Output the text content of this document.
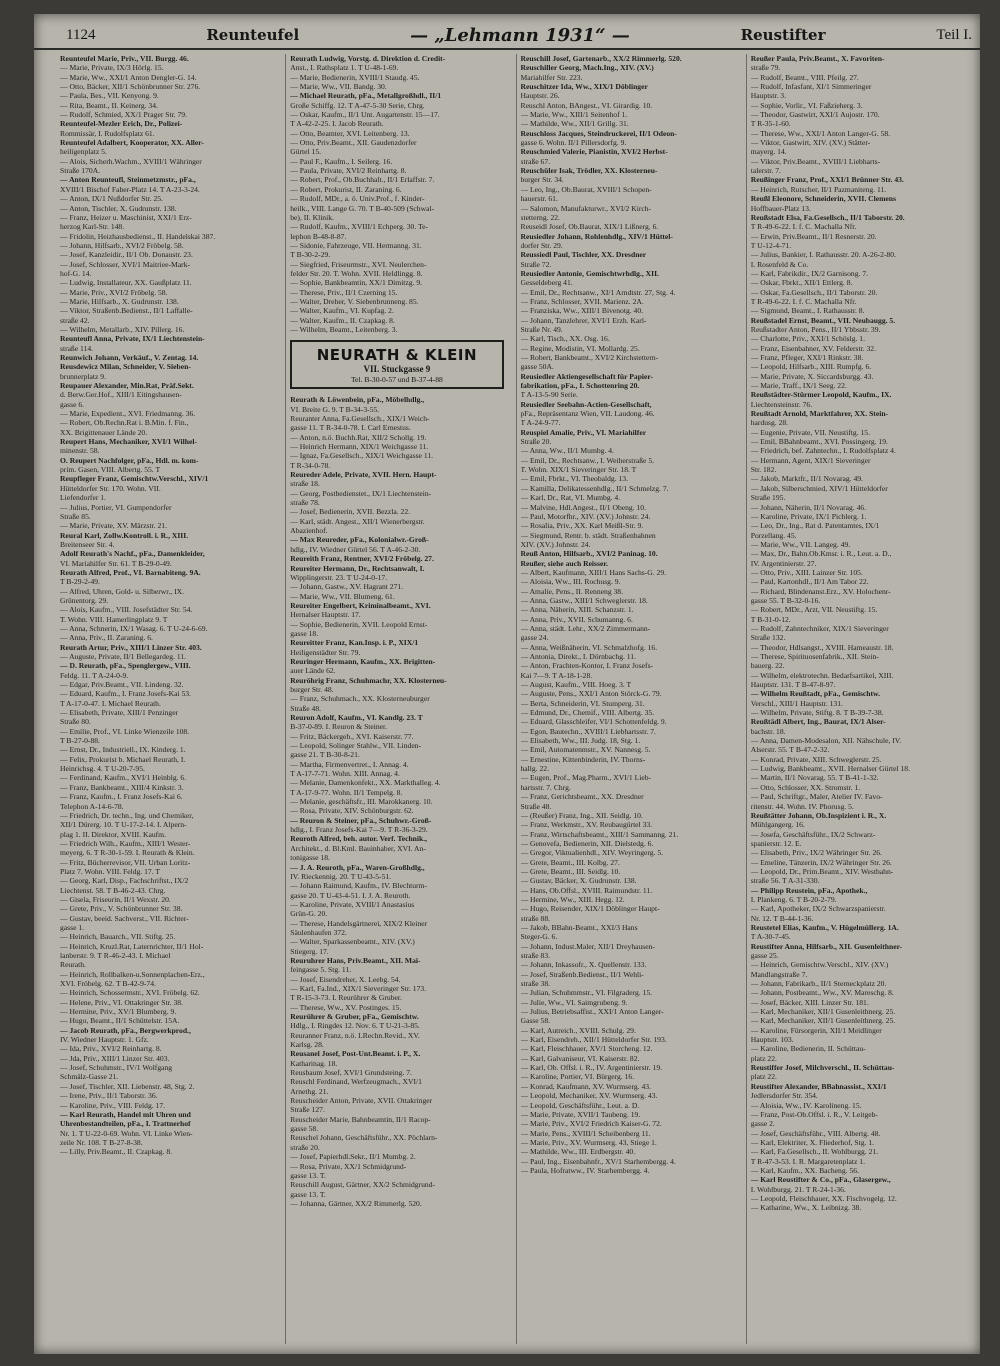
1124	Reunteufel	— „Lehmann 1931“ —	Reustifter	Teil I.
Reunteufel Marie, Priv., VII. Burgg. 46.
— Marie, Private, IX/3 Hörlg. 15.
— Marie, Ww., XXI/1 Anton Dengler-G. 14.
— Otto, Bäcker, XII/1 Schönbrunner Str. 276.
— Paula, Bes., VII. Kenyong. 9.
— Rita, Beamt., II. Keinerg. 34.
— Rudolf, Schmied, XX/1 Prager Str. 79.
Reunteufel-Mezler Erich, Dr., Polizei-
Rommissär, I. Rudolfsplatz 61.
Reunteufel Adalbert, Kooperator, XX. Aller-
heiligenplatz 5.
— Alois, Sicherh.Wachm., XVIII/1 Währinger
Straße 170A.
— Anton Reunteufl, Steinmetzmstr., pFa.,
XVIII/1 Bischof Faber-Platz 14. T A-23-3-24.
— Anton, IX/1 Nußdorfer Str. 25.
— Anton, Tischler, X. Gudrunstr. 138.
— Franz, Heizer u. Maschinist, XXI/1 Erz-
herzog Karl-Str. 148.
— Fridolin, Heizhausbedienst., II. Handelskai 387.
— Johann, Hilfsarb., XVI/2 Fröbelg. 58.
— Josef, Kanzleidir., II/1 Ob. Donaustr. 23.
— Josef, Schlosser, XVI/1 Maitriee-Mark-
hof-G. 14.
— Ludwig, Installateur, XX. Gaußplatz 11.
— Marie, Priv., XVI/2 Fröbelg. 58.
— Marie, Hilfsarb., X. Gudrunstr. 138.
— Viktor, Straßenb.Bedienst., II/1 Laffalle-
straße 42.
— Wilhelm, Metallarb., XIV. Pillerg. 16.
Reunteufl Anna, Private, IX/1 Liechtenstein-
straße 114.
Reunwich Johann, Verkäuf., V. Zentag. 14.
Reusdewicz Milan, Schneider, V. Sieben-
brunnerplatz 9.
Reupauer Alexander, Min.Rat, Präf.Sekt.
d. Berw.Ger.Hof., XIII/1 Eitingshausen-
gasse 6.
— Marie, Expedient., XVI. Friedmanng. 36.
— Robert, Ob.Rechn.Rat i. B.Min. f. Fin.,
XX. Brigittenauer Lände 20.
Reupert Hans, Mechaniker, XVI/1 Wilhel-
minenstr. 58.
O. Reupert Nachfolger, pFa., Hdl. m. kom-
prim. Gasen, VIII. Albertg. 55. T
Reupfleger Franz, Gemischtw.Verschl., XIV/1
Hütteldorfer Str. 170. Wohn. VII.
Liefendorfer 1.
— Julius, Portier, VI. Gumpendorfer
Straße 85.
— Marie, Private, XV. Märzstr. 21.
Reural Karl, Zollw.Kontroll. i. R., XIII.
Breitenseer Str. 4.
Adolf Reurath's Nachf., pFa., Damenkleider,
VI. Mariahilfer Str. 61. T B-29-0-49.
Reurath Alfred, Prof., VI. Barnabiteng. 9A.
T B-29-2-49.
— Alfred, Uhren, Gold- u. Silberwr., IX.
Grünentorg. 29.
— Alois, Kaufm., VIII. Josefstädter Str. 54.
T. Wohn. VIII. Hamerlingplatz 9. T
— Anna, Schnerin, IX/1 Wasag. 6. T U-24-6-69.
— Anna, Priv., II. Zaraning. 6.
Reurath Artur, Priv., XIII/1 Linzer Str. 403.
— Auguste, Private, II/1 Bellegardeg. 11.
— D. Reurath, pFa., Spenglergew., VIII.
Feldg. 11. T A-24-0-9.
— Edgar, Priv.Beamt., VII. Lindeng. 32.
— Eduard, Kaufm., I. Franz Josefs-Kai 53.
T A-17-0-47. I. Michael Reurath.
— Elisabeth, Private, XIII/1 Penzinger
Straße 80.
— Emilie, Prof., VI. Linke Wienzeile 108.
T B-27-0-88.
— Ernst, Dr., Industriell., IX. Kinderg. 1.
— Felix, Prokurist b. Michael Reurath, I.
Heinrichsg. 4. T U-20-7-95.
— Ferdinand, Kaufm., XVI/1 Heinblg. 6.
— Franz, Bankbeamt., XIII/4 Kinkstr. 3.
— Franz, Kaufm., I. Franz Josefs-Kai 6.
Telephon A-14-6-78.
— Friedrich, Dr. techn., Ing. und Chemiker,
XII/1 Dürerg. 10. T U-17-2-14. I. Alpern-
plag 1. II. Direktor, XVIII. Kaufm.
— Friedrich Wilh., Kaufm., XIII/1 Wester-
meyerg. 6. T R-30-1-59. I. Reurath & Klein.
— Fritz, Bücherrevisor, VII. Urban Loritz-
Platz 7. Wohn. VIII. Feldg. 17. T
— Georg, Karl, Disp., Fachschriftst., IX/2
Liechtenst. 58. T B-46-2-43. Chrg.
— Gisela, Friseurin, II/1 Wexstr. 20.
— Grete, Priv., V. Schönbrunner Str. 38.
— Gustav, beeid. Sachverst., VII. Richter-
gasse 1.
— Heinrich, Bauarch., VII. Stiftg. 25.
— Heinrich, Kruzl.Rat, Laternrichter, II/1 Hol-
lanberstr. 9. T R-46-2-43. I. Michael
Reurath.
— Heinrich, Rollbalken-u.Sonnenplachen-Erz.,
XVI. Fröbelg. 62. T B-42-9-74.
— Heinrich, Schossermstr., XVI. Fröbelg. 62.
— Helene, Priv., VI. Ottakringer Str. 38.
— Hermine, Priv., XV/1 Blumberg. 9.
— Hugo, Beamt., II/1 Schüttelstr. 15A.
— Jacob Reurath, pFa., Bergwerkprod.,
IV. Wiedner Hauptstr. 1. Gfz.
— Ida, Priv., XVI/2 Reinhartg. 8.
— Jda, Priv., XIII/1 Linzer Str. 403.
— Josef, Schuhmstr., IV/1 Wolfgang
Schmälz-Gasse 21.
— Josef, Tischler, XII. Liebenstr. 48, Stg. 2.
— Irene, Priv., II/1 Taborstr. 36.
— Karoline, Priv., VIII. Feldg. 17.
— Karl Reurath, Handel mit Uhren und
Uhrenbestandteilen, pFa., I. Trattnerhof
Nr. 1. T U-22-0-69. Wohn. VI. Linke Wien-
zeile Nr. 108. T B-27-8-38.
— Lilly, Priv.Beamt., II. Czapkag. 8.
Reurath Ludwig, Vorstg. d. Direktion d. Credit-
Anst., I. Rathsplatz 1. T U-48-1-69.
— Marie, Bedienerin, XVIII/1 Staudg. 45.
— Marie, Ww., VII. Bandg. 30.
— Michael Reurath, pFa., Metallgroßhdl., II/1
Große Schiffg. 12. T A-47-5-30 Serie, Chrg.
— Oskar, Kaufm., II/1 Unt. Augartenstr. 15—17.
T A-42-2-25. I. Jacob Reurath.
— Otto, Beamter, XVI. Leitenberg. 13.
— Otto, Priv.Beamt., XII. Gaudenzdorfer
Gürtel 15.
— Paul F., Kaufm., I. Seilerg. 16.
— Paula, Private, XVI/2 Reinhartg. 8.
— Robert, Prof., Ob.Buchhalt., II/1 Erlaffstr. 7.
— Robert, Prokurist, II. Zaraning. 6.
— Rudolf, MDr., a. ö. Univ.Prof., f. Kinder-
heilk., VIII. Lange G. 70. T B-40-509 (Schwal-
be), II. Klinik.
— Rudolf, Kaufm., XVIII/1 Echperg. 30. Te-
lephon B-48-8-87.
— Sidonie, Fahrzeuge, VII. Hermanng. 31.
T B-30-2-29.
— Siegfried, Friseurmstr., XVI. Neulerchen-
felder Str. 20. T. Wohn. XVII. Heldlingg. 8.
— Sophie, Bankbeamtin, XX/1 Dimitzg. 9.
— Therese, Priv., II/1 Czerning 15.
— Walter, Dreher, V. Siebenbrunneng. 85.
— Walter, Kaufm., VI. Kupfag. 2.
— Walter, Kaufm., II. Czapkag. 8.
— Wilhelm, Beamt., Leitenberg. 3.
NEURATH & KLEIN
VII. Stuckgasse 9
Tel. B-30-0-57 und B-37-4-88
Reurath & Löwenbein, pFa., Möbelhdlg.,
VI. Breite G. 9. T B-34-3-55.
Reuranter Anna, Fa.Gesellsch., XIX/1 Weich-
gasse 11. T R-34-0-78. I. Carl Ernestus.
— Anton, n.ö. Buchh.Rat, XII/2 Schollg. 19.
— Heinrich Hermann, XIX/1 Weichgasse 11.
— Ignaz, Fa.Gesellsch., XIX/1 Weichgasse 11.
T R-34-0-78.
Reureder Adele, Private, XVII. Hern. Haupt-
straße 18.
— Georg, Postbedienstet., IX/1 Liechtenstein-
straße 78.
— Josef, Bedienerin, XVII. Bezzla. 22.
— Karl, städt. Angest., XII/1 Wienerbergstr.
Abazienhof.
— Max Reureder, pFa., Kolonialwr.-Groß-
hdlg., IV. Wiedner Gürtel 56. T A-46-2-30.
Reureith Franz, Rentner, XVI/2 Fröbelg. 27.
Reureiter Hermann, Dr., Rechtsanwalt, I.
Wipplingerstr. 23. T U-24-0-17.
— Johann, Gastw., XV. Hagrant 271.
— Marie, Ww., VII. Blumeng. 61.
Reureiter Engelbert, Kriminalbeamt., XVI.
Hernalser Hauptstr. 17.
— Sophie, Bedienerin, XVII. Leopold Ernst-
gasse 18.
Reureitter Franz, Kan.Insp. i. P., XIX/1
Heiligenstädter Str. 79.
Reuringer Hermann, Kaufm., XX. Brigitten-
auer Lände 62.
Reuröhrig Franz, Schuhmachr, XX. Klosterneu-
burger Str. 48.
— Franz, Schuhmach., XX. Klosterneuburger
Straße 48.
Reuron Adolf, Kaufm., VI. Kandlg. 23. T
B-37-0-89. I. Reuron & Steiner.
— Fritz, Bäckergeh., XVI. Kaiserstr. 77.
— Leopold, Solinger Stahlw., VII. Linden-
gasse 21. T B-30-8-21.
— Martha, Firmenvertret., I. Annag. 4.
T A-17-7-71. Wohn. XIII. Annag. 4.
— Melanie, Damenkonfekt., XX. Markthalleg. 4.
T A-17-9-77. Wohn. II/1 Tempelg. 8.
— Melanie, geschäftsfr., III. Marokkanerg. 10.
— Rosa, Private, XIV. Schönburgstr. 62.
— Reuron & Steiner, pFa., Schuhwr.-Groß-
hdlg., I. Franz Josefs-Kai 7—9. T R-36-3-29.
Reuroth Alfred, beh. autor. Verf. Technik.,
Architekt., d. Bl.Kml. Bauinhaber, XVI. An-
tonigasse 18.
— J. A. Reuroth, pFa., Waren-Großhdlg.,
IV. Rieckennig. 20. T U-43-5-51.
— Johann Raimund, Kaufm., IV. Blechturm-
gasse 20. T U-43-4-51. I. J. A. Reuroth.
— Karoline, Private, XVIII/1 Anastasius
Grün-G. 20.
— Therese, Handelsgärtnerei, XIX/2 Kleiner
Säulenhaufen 372.
— Walter, Sparkassenbeamt., XIV. (XV.)
Stiegerg. 17.
Reuruhrer Hans, Priv.Beamt., XII. Mai-
feingasse 5. Stg. 11.
— Josef, Eisendreher, X. Leebg. 54.
— Karl, Fa.Ind., XIX/1 Sieveringer Str. 173.
T R-15-3-73. I. Reurührer & Gruber.
— Therese, Ww., XV. Postinges. 15.
Reurührer & Gruber, pFa., Gemischtw.
Hdlg., I. Ringdes 12. Nov. 6. T U-21-3-85.
Reuranner Franz, n.ö. LRechn.Revid., XV.
Karlsg. 28.
Reusanel Josef, Post-Unt.Beamt. i. P., X.
Katharinag. 18.
Reusbaum Josef, XVI/1 Grundsteing. 7.
Reuschl Ferdinand, Werfzeugmach., XVI/1
Arnethg. 21.
Reuscheider Anton, Private, XVII. Ottakringer
Straße 127.
Reuscheider Marie, Bahnbeamtin, II/1 Racop-
gasse 58.
Reuschel Johann, Geschäftsführ., XX. Pöchlarn-
straße 20.
— Josef, Papierhdl.Sekr., II/1 Mumbg. 2.
— Rosa, Private, XX/1 Schmidgrund-
gasse 13. T.
Reuschill August, Gärtner, XX/2 Schmidgrund-
gasse 13. T.
— Johanna, Gärtner, XX/2 Rimmerlg. 520.
Reuschill Josef, Gartenarb., XX/2 Rimmerlg. 520.
Reuschiller Georg, Mach.Ing., XIV. (XV.)
Mariahilfer Str. 223.
Reuschitzer Ida, Ww., XIX/1 Döblinger
Hauptstr. 26.
Reuschl Anton, BAngest., VI. Girardig. 10.
— Marie, Ww., XIII/1 Seitenhof 1.
— Mathilde, Ww., XII/1 Grillg. 31.
Reuschloss Jacques, Steindruckerei, II/1 Odeon-
gasse 6. Wohn. II/1 Pillersdorfg. 9.
Reuschmied Valerie, Pianistin, XVI/2 Herbst-
straße 67.
Reuschüler Isak, Trödler, XX. Klosterneu-
burger Str. 34.
— Leo, Ing., Ob.Baurat, XVIII/1 Schopen-
hauerstr. 61.
— Salomon, Manufakturwr., XVI/2 Kirch-
stetterng. 22.
Reuseidl Josef, Ob.Baurat, XIX/1 Lißnerg. 6.
Reusiedler Johann, Rohlenhdlg., XIV/1 Hüttel-
dorfer Str. 29.
Reussiedl Paul, Tischler, XX. Dresdner
Straße 72.
Reusiedler Antonie, Gemischtwrhdlg., XII.
Gesseldeberg 41.
— Emil, Dr., Rechtsanw., XI/1 Arndtstr. 27, Stg. 4.
— Franz, Schlosser, XVII. Marienz. 2A.
— Franziska, Ww., XIII/1 Bivenotg. 40.
— Johann, Tanzlehrer, XVI/1 Erzh. Karl-
Straße Nr. 49.
— Karl, Tisch., XX. Osg. 16.
— Regine, Modistin, VI. Mollardg. 25.
— Robert, Bankbeamt., XVI/2 Kirchstettern-
gasse 50A.
Reusiedler Aktiengesellschaft für Papier-
fabrikation, pFa., I. Schottenring 20.
T A-13-5-90 Serie.
Reusiedler Seebahn-Actien-Gesellschaft,
pFa., Repräsentanz Wien, VII. Laudong. 46.
T A-24-9-77.
Reuspiel Amalie, Priv., VI. Mariahilfer
Straße 20.
— Anna, Ww., II/1 Mumbg. 4.
— Emil, Dr., Rechtsanw., I. Weiherstraße 5.
T. Wohn. XIX/1 Sieveringer Str. 18. T
— Emil, Fbrkt., VI. Theobaldg. 13.
— Kamilla, Delikatessenhdlg., II/1 Schmelzg. 7.
— Karl, Dr., Rat, VI. Mumbg. 4.
— Malvine, Hdl.Angest., II/1 Obeng. 10.
— Paul, Motorfhr., XIV. (XV.) Johnstr. 24.
— Rosalia, Priv., XX. Karl Meißl-Str. 9.
— Siegmund, Rentr. b. städt. Straßenbahnen
XIV. (XV.) Johnstr. 24.
Reuß Anton, Hilfsarb., XVI/2 Paninag. 10.
Reußer, siehe auch Reisser.
— Albert, Kaufmann, XIII/1 Hans Sachs-G. 29.
— Aloisia, Ww., III. Rochusg. 9.
— Amalie, Pens., II. Renneng 38.
— Anna, Gastw., XIII/1 Schweglerstr. 18.
— Anna, Näherin, XIII. Schanzstr. 1.
— Anna, Priv., XVII. Schumanng. 6.
— Anna, städt. Lehr., XX/2 Zimmermann-
gasse 24.
— Anna, Weißnäherin, VI. Schmalzhofg. 16.
— Antonia, Direkt., I. Dörnbachg. 11.
— Anton, Frachten-Kontor, I. Franz Josefs-
Kai 7—9. T A-18-1-28.
— August, Kaufm., VIII. Hoeg. 3. T
— Auguste, Pens., XXI/1 Anton Störck-G. 79.
— Berta, Schneiderin, VI. Stumperg. 31.
— Edmund, Dr., Chemif., VIII. Albertg. 35.
— Eduard, Glasschleifer, VI/1 Schottenfeldg. 9.
— Egon, Bautechn., XVIII/1 Liebhartsstr. 7.
— Elisabeth, Ww., III. Judg. 18, Stg. 1.
— Emil, Automatenmstr., XV. Nannesg. 5.
— Ernestine, Kittenbinderin, IV. Thorns-
hallg. 22.
— Eugen, Prof., Mag.Pharm., XVI/1 Lieb-
hartsstr. 7. Chrg.
— Franz, Gerichtsbeamt., XX. Dresdner
Straße 48.
— (Reußer) Franz, Ing., XII. Seidlg. 10.
— Franz, Werkmstr., XV. Reubaugürtel 33.
— Franz, Wirtschaftsbeamt., XIII/1 Sammanng. 21.
— Genovefa, Bedienerin, XII. Dielstedg. 6.
— Gregor, Viktualienhdl., XIV. Weyringerg. 5.
— Grete, Beamt., III. Kolbg. 27.
— Grete, Beamt., III. Seidlg. 10.
— Gustav, Bäcker, X. Gudrunstr. 138.
— Hans, Ob.Offsl., XVIII. Raimundstr. 11.
— Hermine, Ww., XIII. Hegg. 12.
— Hugo, Reisender, XIX/1 Döblinger Haupt-
straße 88.
— Jakob, BBahn-Beamt., XXI/3 Hans
Steger-G. 6.
— Johann, Indust.Maler, XII/1 Dreyhausen-
straße 83.
— Johann, Inkassofr., X. Quellenstr. 133.
— Josef, Straßenb.Bedienst., II/1 Wehli-
straße 38.
— Julian, Schuhmmstr., VI. Filgraderg. 15.
— Julie, Ww., VI. Saimgrubeng. 9.
— Julius, Betriebsaffist., XXI/1 Anton Langer-
Gasse 58.
— Karl, Autreich., XVIII. Schulg. 29.
— Karl, Eisendreh., XII/1 Hütteldorfer Str. 193.
— Karl, Fleischhauer, XV/1 Storcheng. 12.
— Karl, Galvaniseur, VI. Kaiserstr. 82.
— Karl, Ob. Offsl. i. R., IV. Argentinierstr. 19.
— Karoline, Portier, VI. Bürgerg. 16.
— Konrad, Kaufmann, XV. Wurmserg. 43.
— Leopold, Mechaniker, XV. Wurmserg. 43.
— Leopold, Geschäftsführ., Leut. a. D.
— Marie, Private, XVII/1 Taubeng. 19.
— Marie, Priv., XVI/2 Friedrich Kaiser-G. 72.
— Marie, Pens., XVIII/1 Scheibenberg 11.
— Marie, Priv., XV. Wurmserg. 43, Stiege 1.
— Mathilde, Ww., III. Erdbergstr. 40.
— Paul, Ing., Eisenbahnfr., XV/1 Starhembergg. 4.
— Paula, Hofratww., IV. Starhembergg. 4.
Reußer Paula, Priv.Beamt., X. Favoriten-
straße 79.
— Rudolf, Beamt., VIII. Pfeilg. 27.
— Rudolf, Infasfant, XI/1 Simmeringer
Hauptstr. 3.
— Sophie, Vorlir., VI. Faßzieherg. 3.
— Theodor, Gastwirt, XXI/1 Aujostr. 170.
T R-35-1-60.
— Therese, Ww., XXI/1 Anton Langer-G. 58.
— Viktor, Gastwirt, XIV. (XV.) Stätter-
mayerg. 14.
— Viktor, Priv.Beamt., XVIII/1 Liebharts-
talerstr. 7.
Reußinger Franz, Prof., XXI/1 Brünner Str. 43.
— Heinrich, Rutscher, II/1 Pazmaniteng. 11.
Reußl Eleonore, Schneiderin, XVII. Clemens
Hoffbauer-Platz 13.
Reußstadt Elsa, Fa.Gesellsch., II/1 Taborstr. 20.
T R-49-6-22. I. f. C. Machalla Nfr.
— Erwin, Priv.Beamt., II/1 Resnerstr. 20.
T U-12-4-71.
— Julius, Bankier, I. Rathausstr. 20. A-26-2-80.
I. Rosenfeld & Co.
— Karl, Fabrikdir., IX/2 Garnisong. 7.
— Oskar, Fbrkt., XII/1 Ettlerg. 8.
— Oskar, Fa.Gesellsch., II/1 Taborstr. 20.
T R-49-6-22. I. f. C. Machalla Nfr.
— Sigmund, Beamt., I. Rathausstr. 8.
Reußstadel Ernst, Beamt., VII. Neubaugg. 5.
Reußstadter Anton, Pens., II/1 Ybbsstr. 39.
— Charlotte, Priv., XXI/1 Schöslg. 1.
— Franz, Eisenbahner, XV. Felderstr. 32.
— Franz, Pfleger, XXI/1 Rinkstr. 38.
— Leopold, Hilfsarb., XIII. Rumpfg. 6.
— Marie, Private, X. Siccardsburgg. 43.
— Marie, Traff., IX/1 Seeg. 22.
Reußstädter-Stürmer Leopold, Kaufm., IX.
Liechtensteinstr. 76.
Reußtadt Arnold, Marktfahrer, XX. Stein-
hardusg. 28.
— Eugenie, Private, VII. Neustiftg. 15.
— Emil, BBahnbeamt., XVI. Possingerg. 19.
— Friedrich, bef. Zahntechn., I. Rudolfsplatz 4.
— Hermann, Agent, XIX/1 Sieveringer
Str. 182.
— Jakob, Marktfr., II/1 Novarag. 49.
— Jakob, Silberschmied, XIV/1 Hütteldorfer
Straße 195.
— Johann, Näherin, II/1 Novarag. 46.
— Karoline, Private, IX/1 Pichlerg. 1.
— Leo, Dr., Ing., Rat d. Patentamtes, IX/1
Porzellang. 45.
— Marie, Ww., VII. Langeg. 49.
— Max, Dr., Bahn.Ob.Kmsr. i. R., Leut. a. D.,
IV. Argentinierstr. 27.
— Otto, Priv., XIII. Lainzer Str. 105.
— Paul, Kartonhdl., II/1 Am Tabor 22.
— Richard, Blindenanst.Erz., XV. Holochenr-
gasse 55. T B-32-0-16.
— Robert, MDr., Arzt, VII. Neustiftg. 15.
T B-31-0-12.
— Rudolf, Zahntechniker, XIX/1 Sieveringer
Straße 132.
— Theodor, Hdlsangst., XVIII. Hameaustr. 18.
— Therese, Spirituosenfabrik., XII. Stein-
bauerg. 22.
— Wilhelm, elektrotechn. Bedarfsartikel, XIII.
Hauptstr. 131. T B-47-8-97.
— Wilhelm Reußtadt, pFa., Gemischtw.
Verschl., XIII/1 Hauptstr. 131.
— Wilhelm, Private, Stiftg. 8. T B-39-7-38.
Reußtädl Albert, Ing., Baurat, IX/1 Alser-
bachstr. 18.
— Anna, Damen-Modesalon, XII. Nähschule, IV.
Alserstr. 55. T B-47-2-32.
— Konrad, Private, XIII. Schweglerstr. 25.
— Ludwig, Bankbeamt., XVII. Hernalser Gürtel 18.
— Martin, II/1 Novarag. 55. T B-41-1-32.
— Otto, Schlosser, XX. Stromstr. 1.
— Paul, Schriftgr., Maler, Atelier IV. Favo-
ritenstr. 44. Wohn. IV. Phorusg. 5.
Reußtätter Johann, Ob.Inspizient i. R., X.
Mühlgangerg. 16.
— Josefa, Geschäftsführ., IX/2 Schwarz-
spanierstr. 12. E.
— Elisabeth, Priv., IX/2 Währinger Str. 26.
— Emeline, Tänzerin, IX/2 Währinger Str. 26.
— Leopold, Dr., Prim.Beamt., XIV. Westbahn-
straße 56. T A-31-330.
— Philipp Reustein, pFa., Apothek.,
I. Plankeng. 6. T B-20-2-79.
— Karl, Apotheker, IX/2 Schwarzspanierstr.
Nr. 12. T B-44-1-36.
Reustetel Elias, Kaufm., V. Hügelmüllerg. 1A.
T A-30-7-45.
Reustifter Anna, Hilfsarb., XII. Gusenleithner-
gasse 25.
— Heinrich, Gemischtw.Verschl., XIV. (XV.)
Mandlangstraße 7.
— Johann, Fabrikarb., II/1 Sterneckplatz 20.
— Johann, Postbeamt., Ww., XV. Mareschg. 8.
— Josef, Bäcker, XIII. Linzer Str. 181.
— Karl, Mechaniker, XII/1 Gusenleithnerg. 25.
— Karl, Mechaniker, XII/1 Gusenleithnerg. 25.
— Karoline, Fürsorgerin, XII/1 Meidlinger
Hauptstr. 103.
— Karoline, Bedienerin, II. Schüttau-
platz 22.
Reustiffer Josef, Milchverschl., II. Schüttau-
platz 22.
Reustifter Alexander, BBahnassist., XXI/1
Jedlersdorfer Str. 354.
— Aloisia, Ww., IV. Karolineng. 15.
— Franz, Post-Ob.Offsl. i. R., V. Leitgeb-
gasse 2.
— Josef, Geschäftsführ., VIII. Albertg. 48.
— Karl, Elektriter, X. Fliederhof, Stg. 1.
— Karl, Fa.Gesellsch., II. Wohlburgg. 21.
T R-47-3-53. I. R. Margaretenplatz 1.
— Karl, Kaufm., XX. Bacheng. 56.
— Karl Reustifter & Co., pFa., Glasergew.,
I. Wohlburgg. 21. T R-24-1-36.
— Leopold, Fleischhauer, XX. Fischvogelg. 12.
— Katharine, Ww., X. Leibnizg. 38.
